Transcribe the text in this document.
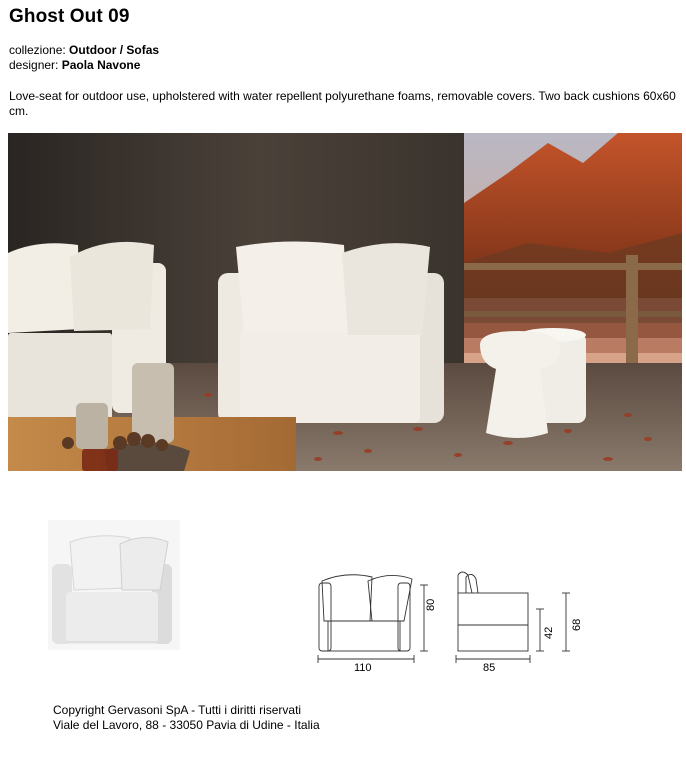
Ghost Out 09
collezione: Outdoor / Sofas
designer: Paola Navone
Love-seat for outdoor use, upholstered with water repellent polyurethane foams, removable covers. Two back cushions 60x60 cm.
110	85
80
42
68
Copyright Gervasoni SpA - Tutti i diritti riservati
Viale del Lavoro, 88 - 33050 Pavia di Udine - Italia
